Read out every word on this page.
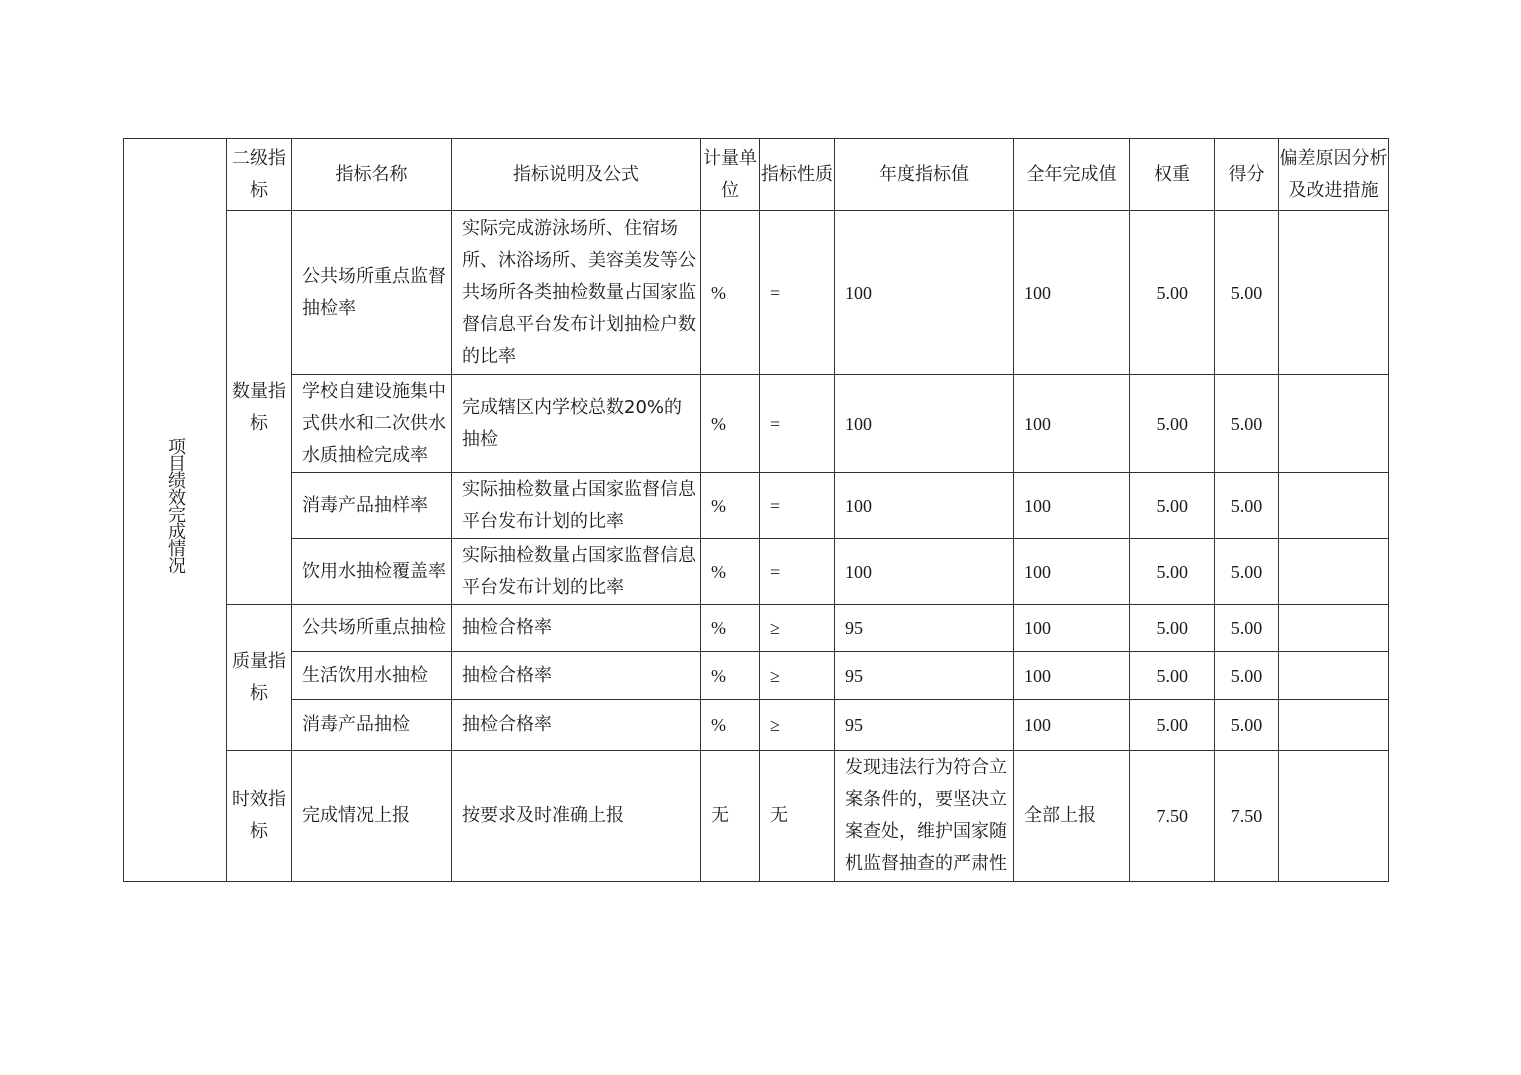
项目绩效完成情况	二级指标	指标名称	指标说明及公式	计量单位	指标性质	年度指标值	全年完成值	权重	得分	偏差原因分析及改进措施
	数量指标	公共场所重点监督抽检率	实际完成游泳场所、住宿场所、沐浴场所、美容美发等公共场所各类抽检数量占国家监督信息平台发布计划抽检户数的比率	%	=	100	100	5.00	5.00	
		学校自建设施集中式供水和二次供水水质抽检完成率	完成辖区内学校总数20%的抽检	%	=	100	100	5.00	5.00	
		消毒产品抽样率	实际抽检数量占国家监督信息平台发布计划的比率	%	=	100	100	5.00	5.00	
		饮用水抽检覆盖率	实际抽检数量占国家监督信息平台发布计划的比率	%	=	100	100	5.00	5.00	
	质量指标	公共场所重点抽检	抽检合格率	%	≥	95	100	5.00	5.00	
		生活饮用水抽检	抽检合格率	%	≥	95	100	5.00	5.00	
		消毒产品抽检	抽检合格率	%	≥	95	100	5.00	5.00	
	时效指标	完成情况上报	按要求及时准确上报	无	无	发现违法行为符合立案条件的，要坚决立案查处，维护国家随机监督抽查的严肃性	全部上报	7.50	7.50	
